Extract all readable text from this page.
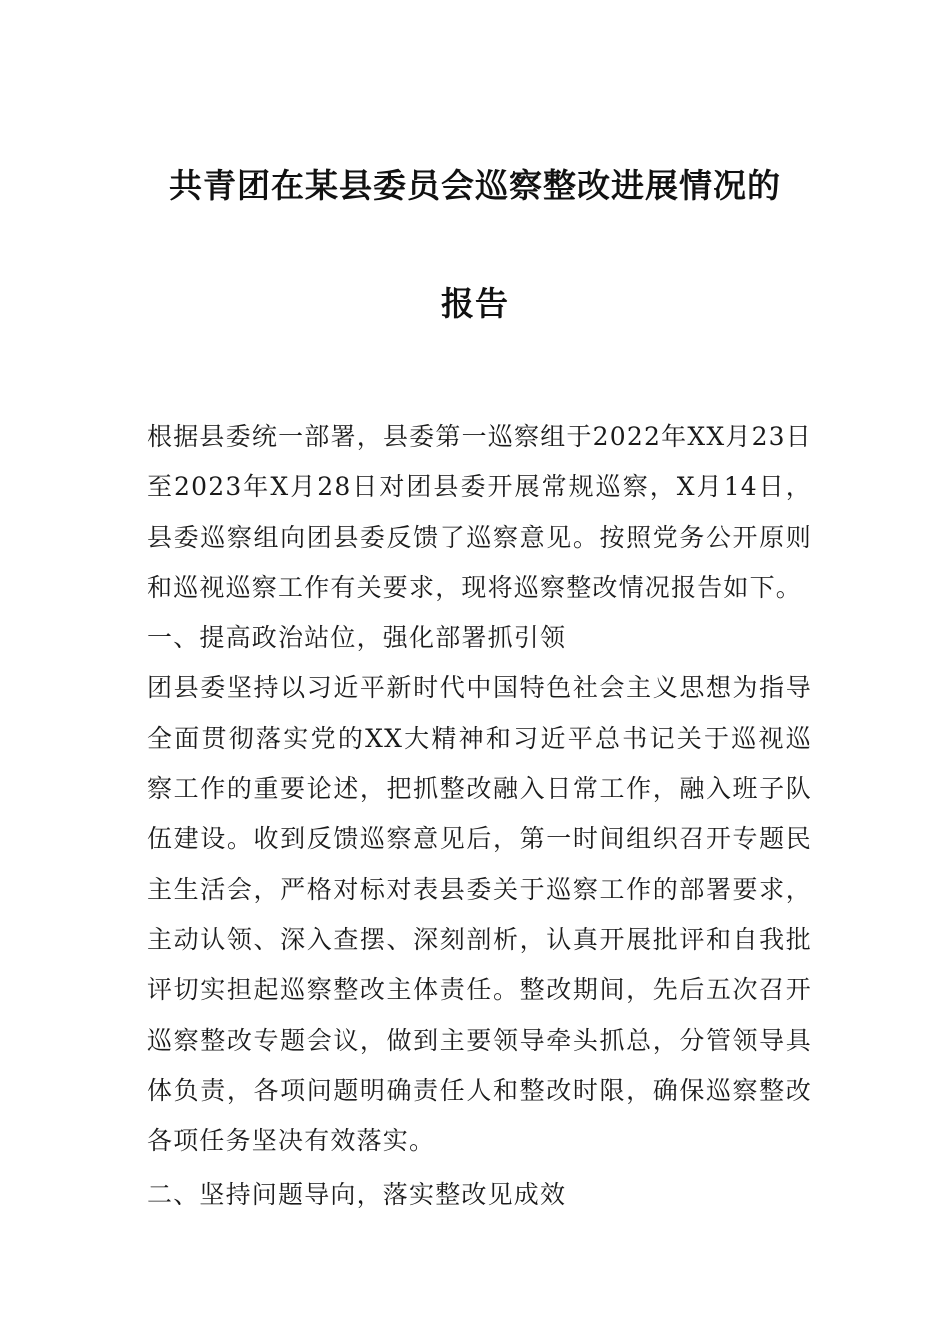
共青团在某县委员会巡察整改进展情况的
报告

根据县委统一部署，县委第一巡察组于2022年XX月23日至2023年X月28日对团县委开展常规巡察，X月14日，县委巡察组向团县委反馈了巡察意见。按照党务公开原则和巡视巡察工作有关要求，现将巡察整改情况报告如下。

一、提高政治站位，强化部署抓引领

团县委坚持以习近平新时代中国特色社会主义思想为指导全面贯彻落实党的XX大精神和习近平总书记关于巡视巡察工作的重要论述，把抓整改融入日常工作，融入班子队伍建设。收到反馈巡察意见后，第一时间组织召开专题民主生活会，严格对标对表县委关于巡察工作的部署要求，主动认领、深入查摆、深刻剖析，认真开展批评和自我批评切实担起巡察整改主体责任。整改期间，先后五次召开巡察整改专题会议，做到主要领导牵头抓总，分管领导具体负责，各项问题明确责任人和整改时限，确保巡察整改各项任务坚决有效落实。

二、坚持问题导向，落实整改见成效
